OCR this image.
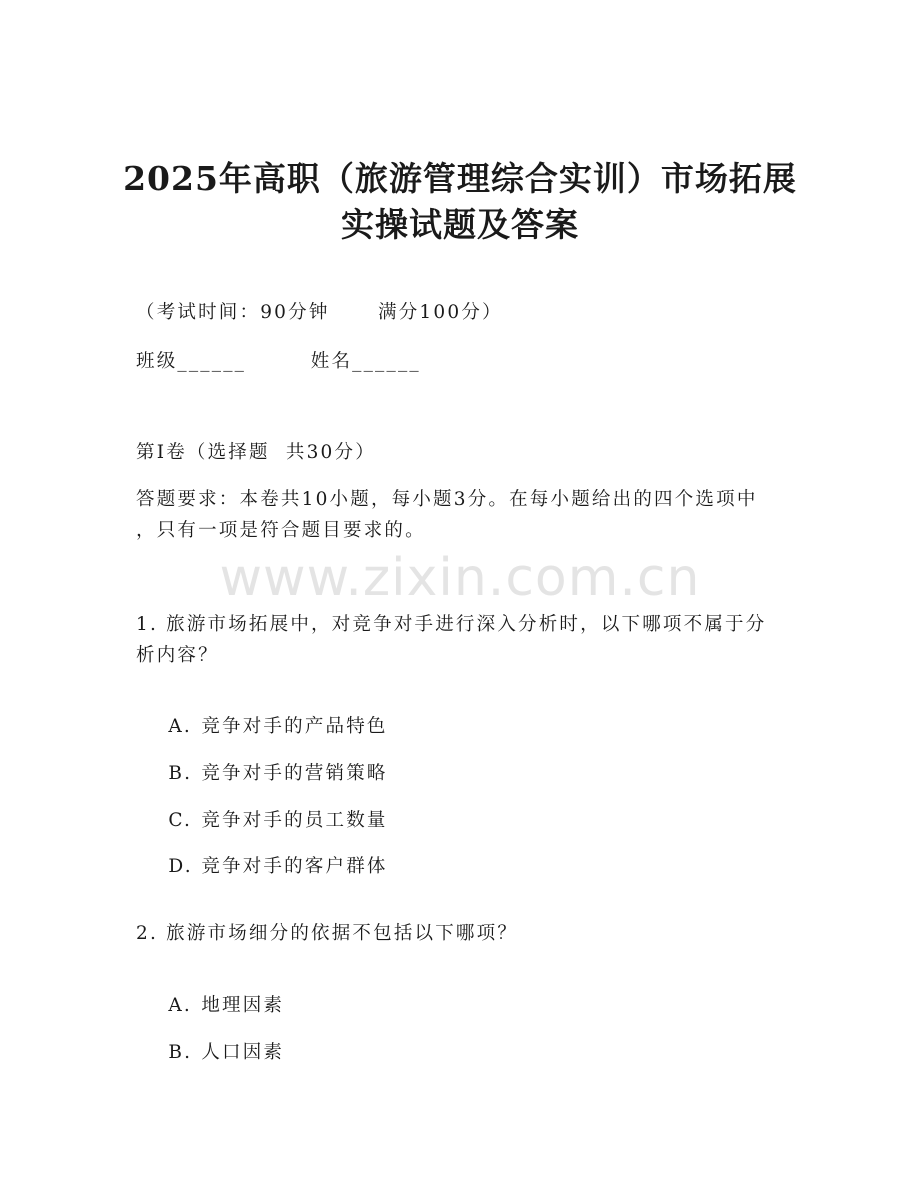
2025年高职（旅游管理综合实训）市场拓展
实操试题及答案
（考试时间：90分钟      满分100分）
班级______        姓名______
第I卷（选择题  共30分）
答题要求：本卷共10小题，每小题3分。在每小题给出的四个选项中
，只有一项是符合题目要求的。
www.zixin.com.cn
1. 旅游市场拓展中，对竞争对手进行深入分析时，以下哪项不属于分
析内容？

A. 竞争对手的产品特色

B. 竞争对手的营销策略

C. 竞争对手的员工数量

D. 竞争对手的客户群体

2. 旅游市场细分的依据不包括以下哪项？

A. 地理因素

B. 人口因素
